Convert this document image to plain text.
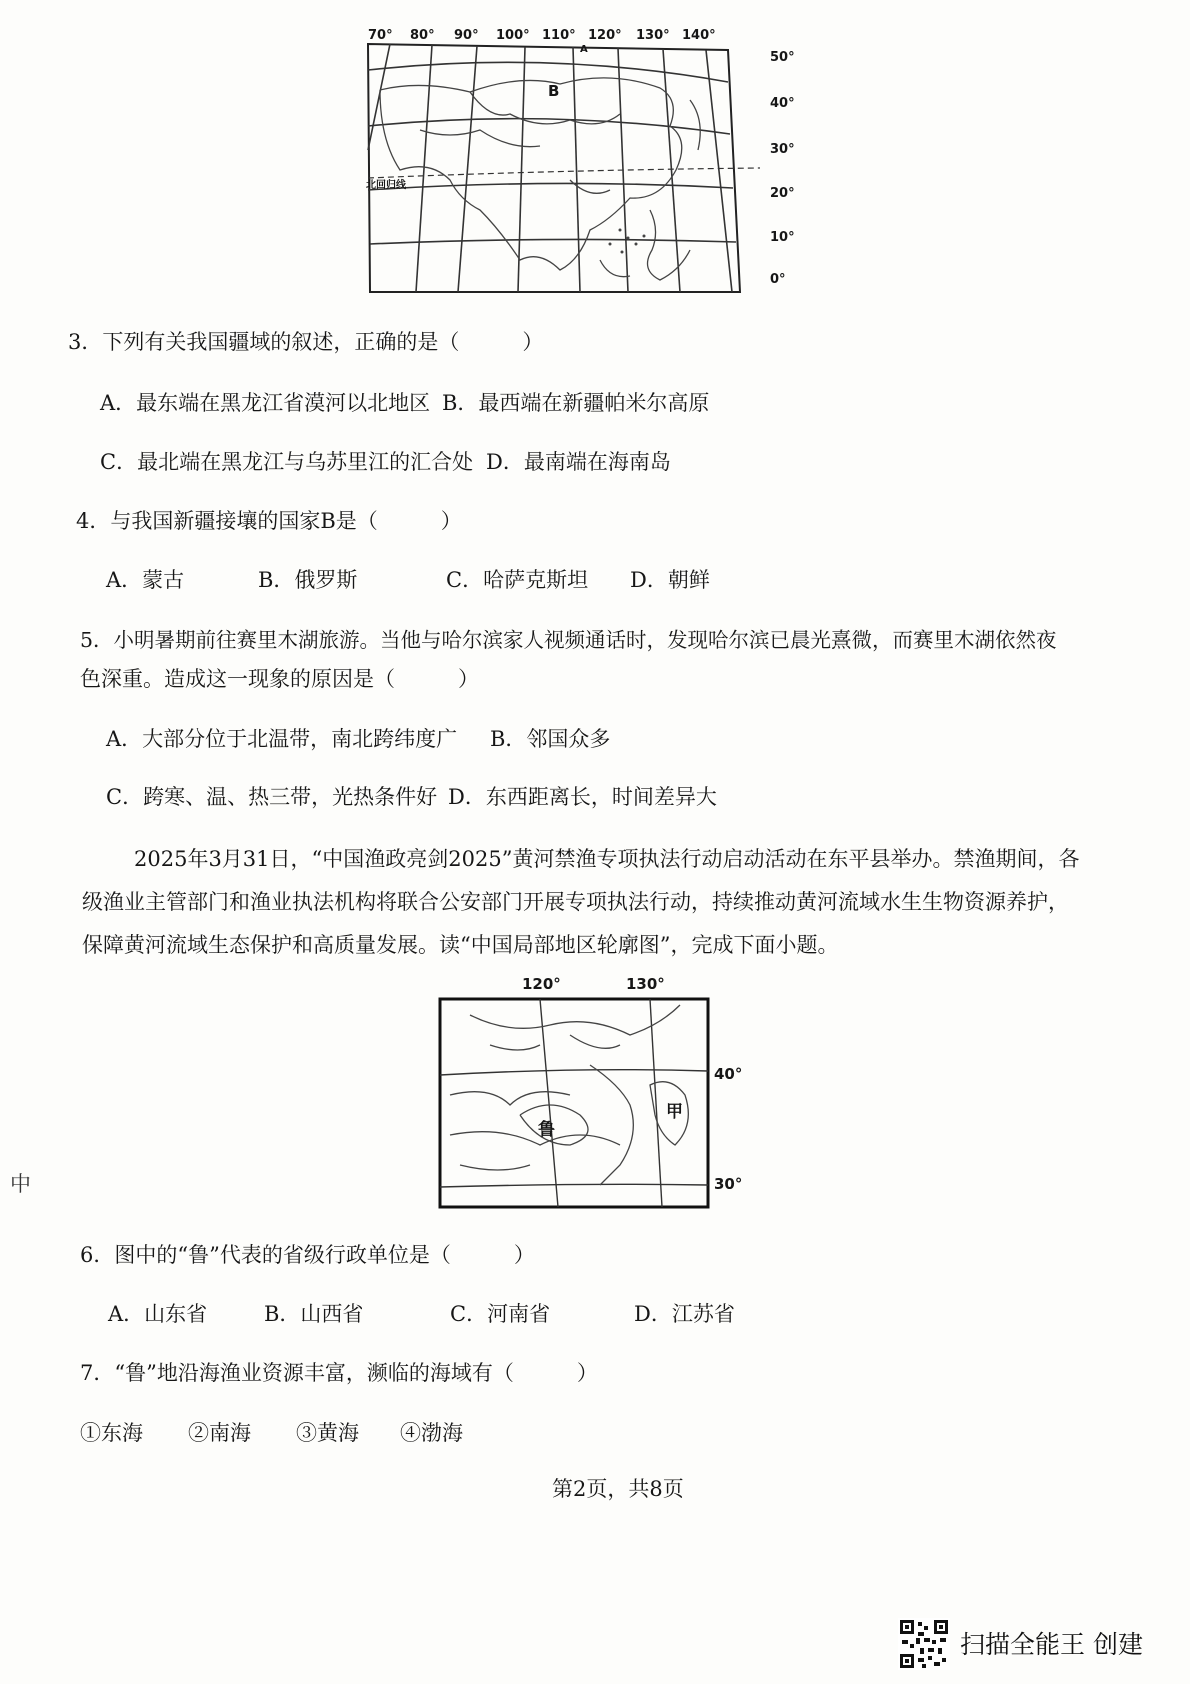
70° 80° 90° 100° 110° 120° 130° 140°
50°
40°
30°
20°
10°
0°
B
A
北回归线
3．下列有关我国疆域的叙述，正确的是（　　　）
A．最东端在黑龙江省漠河以北地区 B．最西端在新疆帕米尔高原
C．最北端在黑龙江与乌苏里江的汇合处 D．最南端在海南岛
4．与我国新疆接壤的国家B是（　　　）
A．蒙古	B．俄罗斯	C．哈萨克斯坦 D．朝鲜
5．小明暑期前往赛里木湖旅游。当他与哈尔滨家人视频通话时，发现哈尔滨已晨光熹微，而赛里木湖依然夜
色深重。造成这一现象的原因是（　　　）
A．大部分位于北温带，南北跨纬度广 B．邻国众多
C．跨寒、温、热三带，光热条件好 D．东西距离长，时间差异大
2025年3月31日，“中国渔政亮剑2025”黄河禁渔专项执法行动启动活动在东平县举办。禁渔期间，各级渔业主管部门和渔业执法机构将联合公安部门开展专项执法行动，持续推动黄河流域水生生物资源养护，保障黄河流域生态保护和高质量发展。读“中国局部地区轮廓图”，完成下面小题。
120°	130°
40°
30°
鲁
甲
中
6．图中的“鲁”代表的省级行政单位是（　　　）
A．山东省	B．山西省	C．河南省	D．江苏省
7．“鲁”地沿海渔业资源丰富，濒临的海域有（　　　）
①东海 ②南海 ③黄海 ④渤海
第2页，共8页
扫描全能王 创建
